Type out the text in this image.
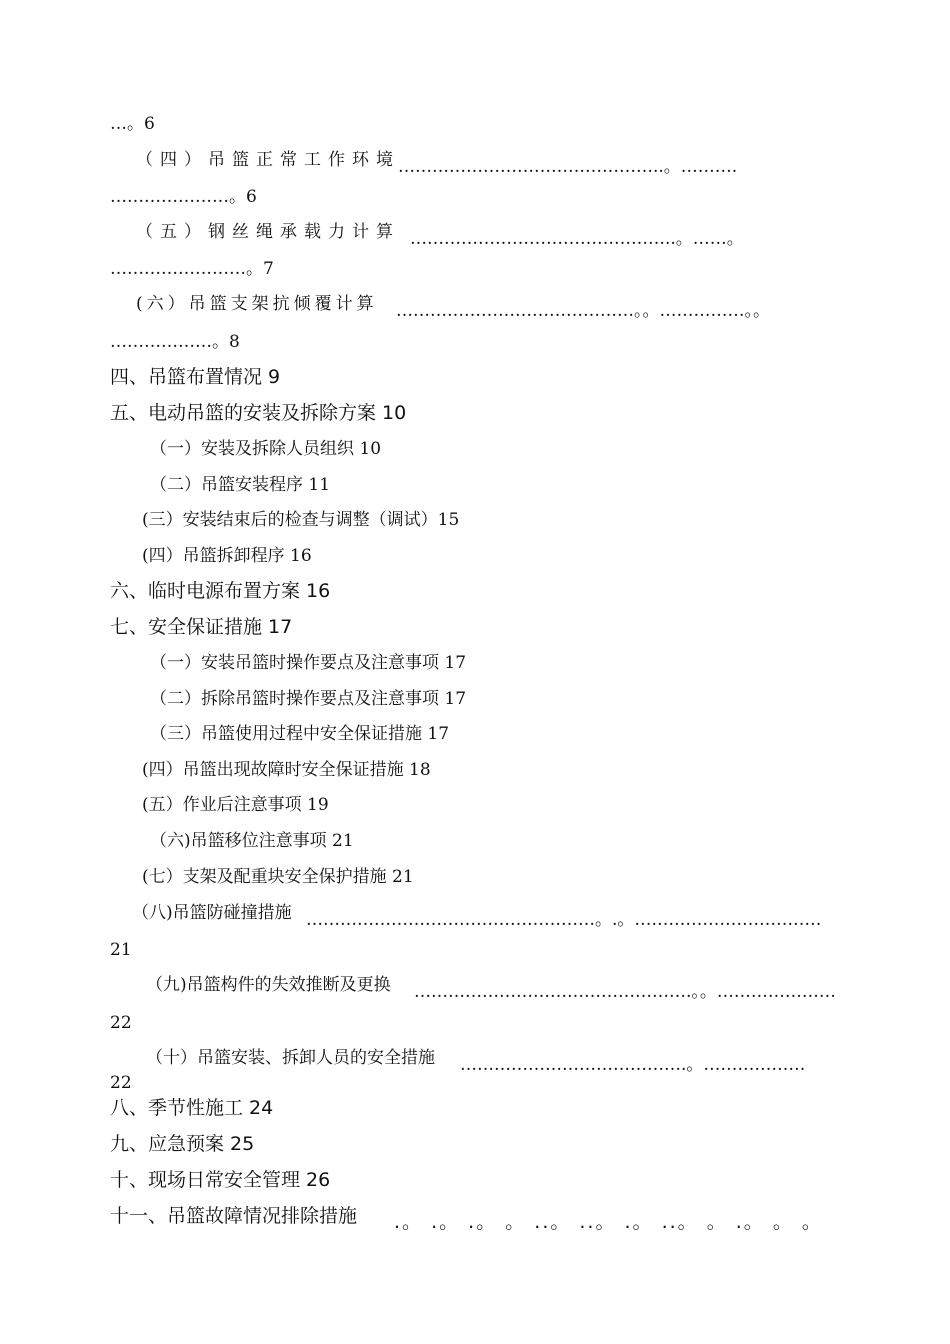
…。6
（四）吊篮正常工作环境
………………………………………..。……….
…………………。6
（五）钢丝绳承载力计算 ………………………………………..。……。
……………………。7
(六）吊篮支架抗倾覆计算 ……………………………………。。……………。。
………………。8
四、吊篮布置情况 9
五、电动吊篮的安装及拆除方案 10
（一）安装及拆除人员组织 10
（二）吊篮安装程序 11
(三）安装结束后的检查与调整（调试）15
(四）吊篮拆卸程序 16
六、临时电源布置方案 16
七、安全保证措施 17
（一）安装吊篮时操作要点及注意事项 17
（二）拆除吊篮时操作要点及注意事项 17
（三）吊篮使用过程中安全保证措施 17
(四）吊篮出现故障时安全保证措施 18
(五）作业后注意事项 19
（六)吊篮移位注意事项 21
(七）支架及配重块安全保护措施 21
（八)吊篮防碰撞措施 ……………………………………………。.。……………………………
21
（九)吊篮构件的失效推断及更换 ………………………………………….。。…………………
22
（十）吊篮安装、拆卸人员的安全措施 ………………………………….。………………
22
八、季节性施工 24
九、应急预案 25
十、现场日常安全管理 26
十一、吊篮故障情况排除措施 .。 .。 .。 。 ..。 ..。 .。 ..。 。 .。 。 。
